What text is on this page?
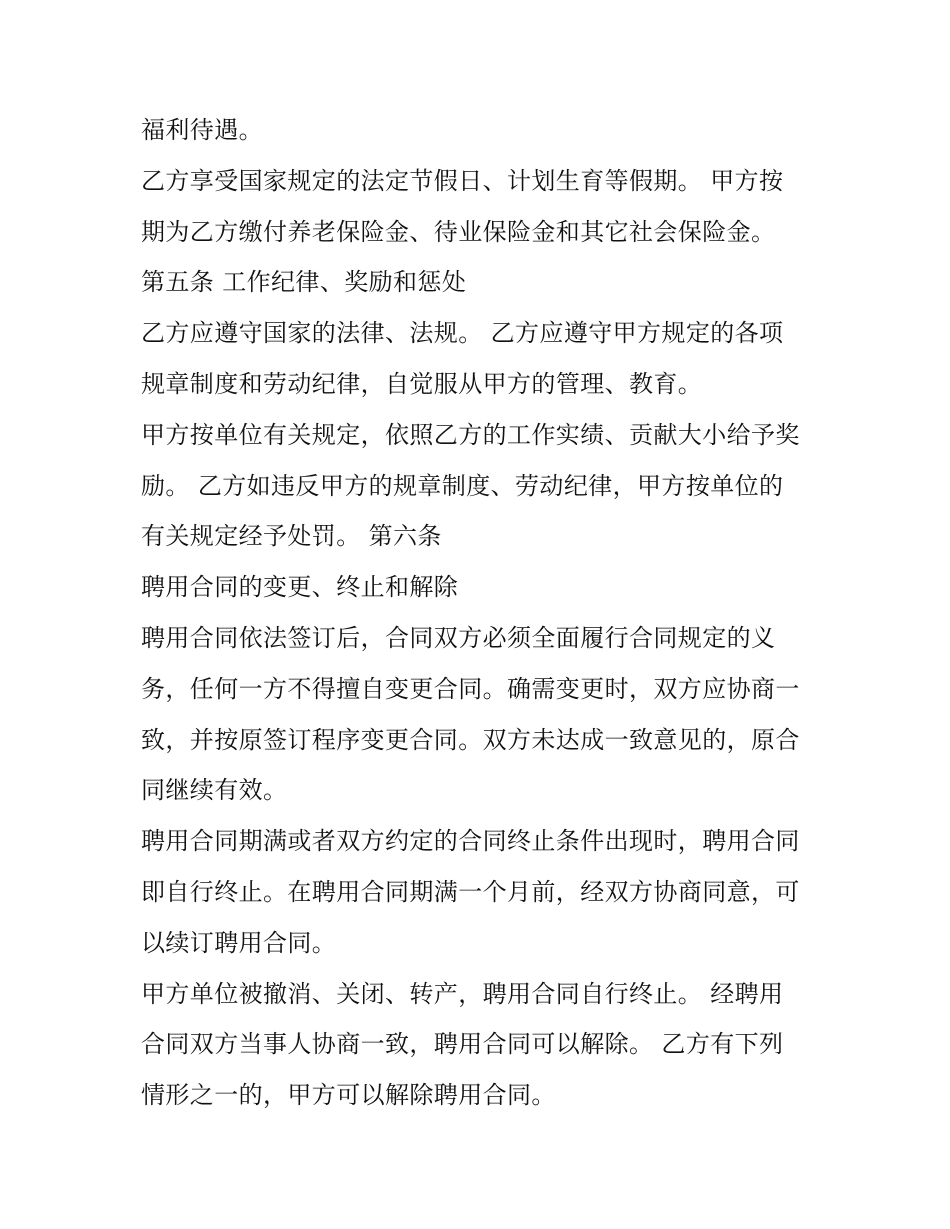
福利待遇。
乙方享受国家规定的法定节假日、计划生育等假期。 甲方按
期为乙方缴付养老保险金、待业保险金和其它社会保险金。
第五条 工作纪律、奖励和惩处
乙方应遵守国家的法律、法规。 乙方应遵守甲方规定的各项
规章制度和劳动纪律，自觉服从甲方的管理、教育。
甲方按单位有关规定，依照乙方的工作实绩、贡献大小给予奖
励。 乙方如违反甲方的规章制度、劳动纪律，甲方按单位的
有关规定经予处罚。 第六条
聘用合同的变更、终止和解除
聘用合同依法签订后，合同双方必须全面履行合同规定的义
务，任何一方不得擅自变更合同。确需变更时，双方应协商一
致，并按原签订程序变更合同。双方未达成一致意见的，原合
同继续有效。
聘用合同期满或者双方约定的合同终止条件出现时，聘用合同
即自行终止。在聘用合同期满一个月前，经双方协商同意，可
以续订聘用合同。
甲方单位被撤消、关闭、转产，聘用合同自行终止。 经聘用
合同双方当事人协商一致，聘用合同可以解除。 乙方有下列
情形之一的，甲方可以解除聘用合同。
